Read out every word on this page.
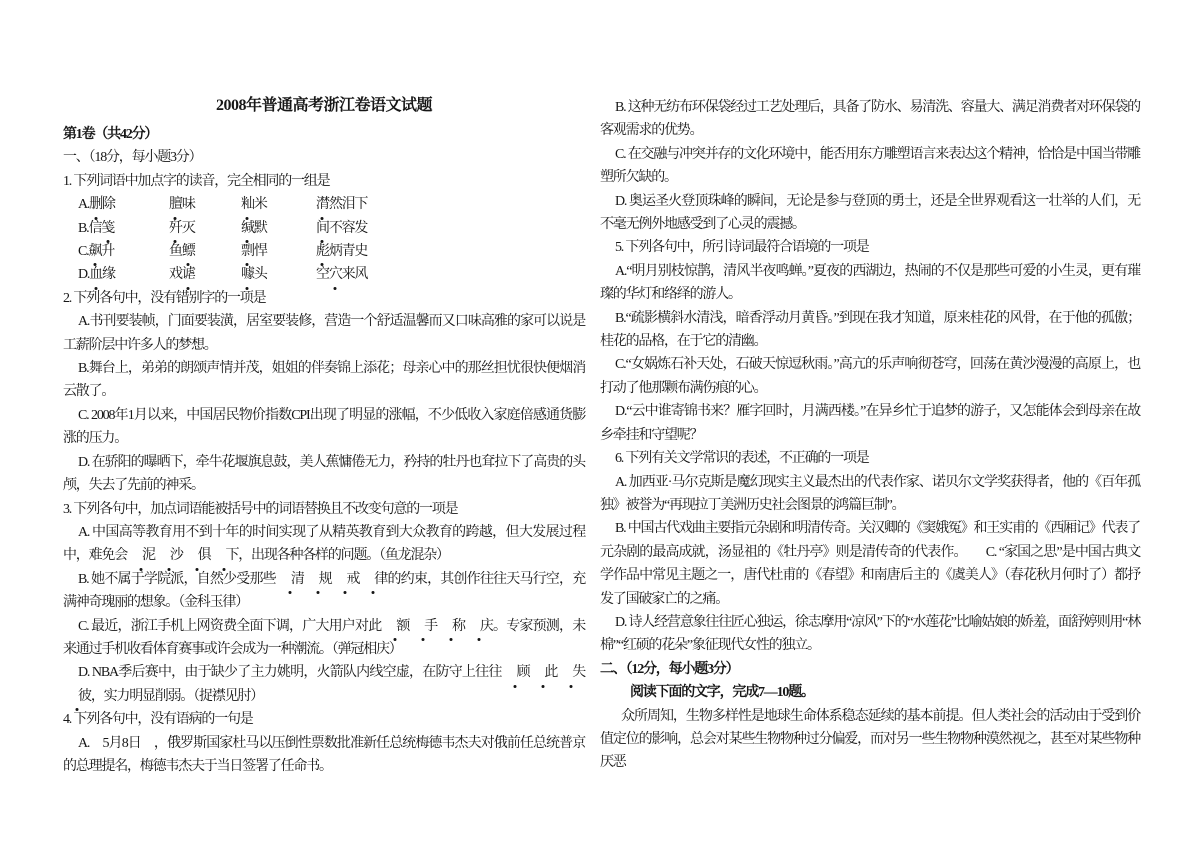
2008年普通高考浙江卷语文试题

第1卷（共42分）

一、（18分，每小题3分）

1. 下列词语中加点字的读音，完全相同的一组是

A.删除	膻味	籼米	潸然泪下
B.信笺	歼灭	缄默	间不容发
C.飙升	鱼鳔	剽悍	彪炳青史
D.血缘	戏谑	噱头	空穴来风

2. 下列各句中，没有错别字的一项是

A.书刊要装帧，门面要装潢，居室要装修，营造一个舒适温馨而又口味高雅的家可以说是工薪阶层中许多人的梦想。

B.舞台上，弟弟的朗颂声情并茂，姐姐的伴奏锦上添花；母亲心中的那丝担忧很快便烟消云散了。

C. 2008年1月以来，中国居民物价指数CPI出现了明显的涨幅，不少低收入家庭倍感通货膨涨的压力。

D. 在骄阳的曝晒下，牵牛花堰旗息鼓，美人蕉慵倦无力，矜持的牡丹也耷拉下了高贵的头颅，失去了先前的神采。

3. 下列各句中，加点词语能被括号中的词语替换且不改变句意的一项是

A. 中国高等教育用不到十年的时间实现了从精英教育到大众教育的跨越，但大发展过程中，难免会 泥 沙 俱 下，出现各种各样的问题。（鱼龙混杂）

B. 她不属于学院派，自然少受那些 清 规 戒 律的约束，其创作往往天马行空，充满神奇瑰丽的想象。（金科玉律）

C. 最近，浙江手机上网资费全面下调，广大用户对此 额 手 称 庆。专家预测，未来通过手机收看体育赛事或许会成为一种潮流。（弹冠相庆）

D. NBA季后赛中，由于缺少了主力姚明，火箭队内线空虚，在防守上往往 顾 此 失彼，实力明显削弱。（捉襟见肘）

4. 下列各句中，没有语病的一句是

A.　5月8日　，俄罗斯国家杜马以压倒性票数批准新任总统梅德韦杰夫对俄前任总统普京的总理提名，梅德韦杰夫于当日签署了任命书。

B. 这种无纺布环保袋经过工艺处理后，具备了防水、易清洗、容量大、满足消费者对环保袋的客观需求的优势。

C. 在交融与冲突并存的文化环境中，能否用东方雕塑语言来表达这个精神，恰恰是中国当带雕塑所欠缺的。

D. 奥运圣火登顶珠峰的瞬间，无论是参与登顶的勇士，还是全世界观看这一壮举的人们，无不毫无例外地感受到了心灵的震撼。

5. 下列各句中，所引诗词最符合语境的一项是

A.“明月别枝惊鹊，清风半夜鸣蝉。”夏夜的西湖边，热闹的不仅是那些可爱的小生灵，更有璀璨的华灯和络绎的游人。

B.“疏影横斜水清浅，暗香浮动月黄昏。”到现在我才知道，原来桂花的风骨，在于他的孤傲；桂花的品格，在于它的清幽。

C.“女娲炼石补天处，石破天惊逗秋雨。”高亢的乐声响彻苍穹，回荡在黄沙漫漫的高原上，也打动了他那颗布满伤痕的心。

D.“云中谁寄锦书来？雁字回时，月满西楼。”在异乡忙于追梦的游子，又怎能体会到母亲在故乡牵挂和守望呢？

6. 下列有关文学常识的表述，不正确的一项是

A. 加西亚·马尔克斯是魔幻现实主义最杰出的代表作家、诺贝尔文学奖获得者，他的《百年孤独》被誉为“再现拉丁美洲历史社会图景的鸿篇巨制”。

B. 中国古代戏曲主要指元杂剧和明清传奇。关汉卿的《窦娥冤》和王实甫的《西厢记》代表了元杂剧的最高成就，汤显祖的《牡丹亭》则是清传奇的代表作。　　C. “家国之思”是中国古典文学作品中常见主题之一，唐代杜甫的《春望》和南唐后主的《虞美人》（春花秋月何时了）都抒发了国破家亡的之痛。

D. 诗人经营意象往往匠心独运，徐志摩用“凉风”下的“水莲花”比喻姑娘的娇羞，面舒婷则用“林棉”“红硕的花朵”象征现代女性的独立。

二、（12分，每小题3分）

阅读下面的文字，完成7—10题。

众所周知，生物多样性是地球生命体系稳态延续的基本前提。但人类社会的活动由于受到价值定位的影响，总会对某些生物物种过分偏爱，而对另一些生物物种漠然视之，甚至对某些物种厌恶
